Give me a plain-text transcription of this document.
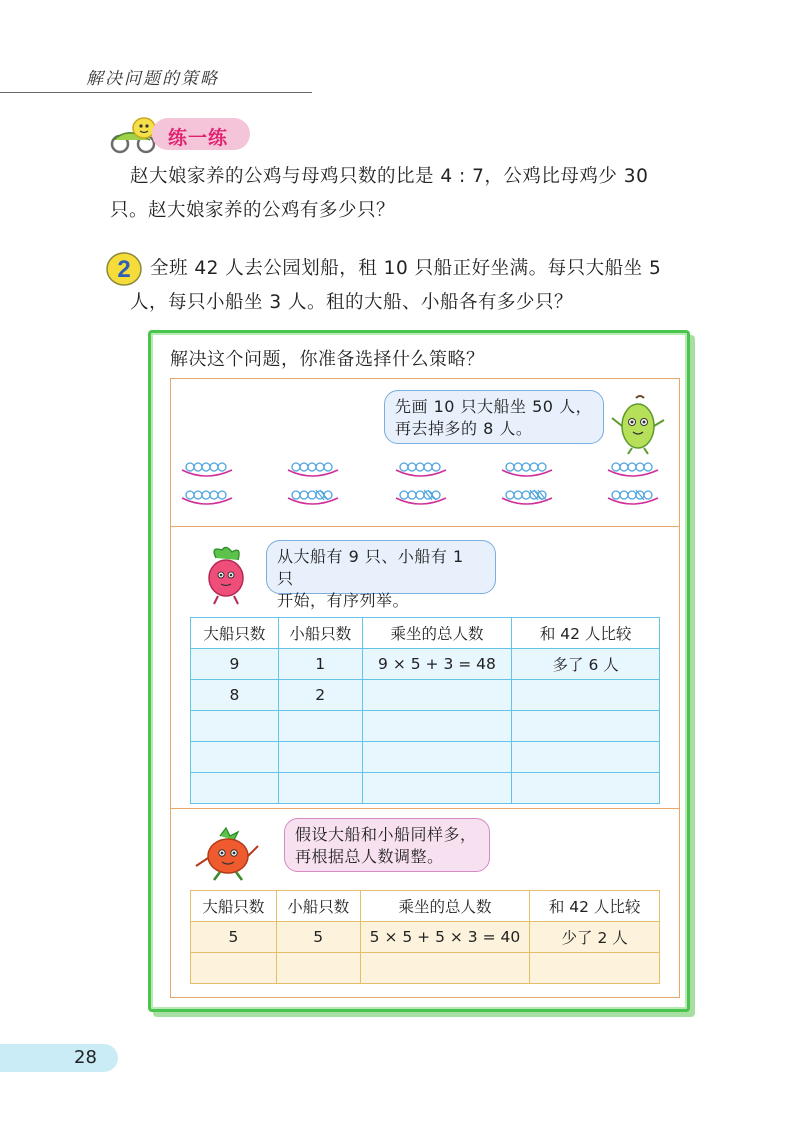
解决问题的策略
练一练
赵大娘家养的公鸡与母鸡只数的比是 4 : 7，公鸡比母鸡少 30
只。赵大娘家养的公鸡有多少只？
2 全班 42 人去公园划船，租 10 只船正好坐满。每只大船坐 5
人，每只小船坐 3 人。租的大船、小船各有多少只？
解决这个问题，你准备选择什么策略？
先画 10 只大船坐 50 人，
再去掉多的 8 人。
从大船有 9 只、小船有 1 只
开始，有序列举。
大船只数	小船只数	乘坐的总人数	和 42 人比较
9	1	9 × 5 + 3 = 48	多了 6 人
8	2		

假设大船和小船同样多，
再根据总人数调整。
大船只数	小船只数	乘坐的总人数	和 42 人比较
5	5	5 × 5 + 5 × 3 = 40	少了 2 人

28
